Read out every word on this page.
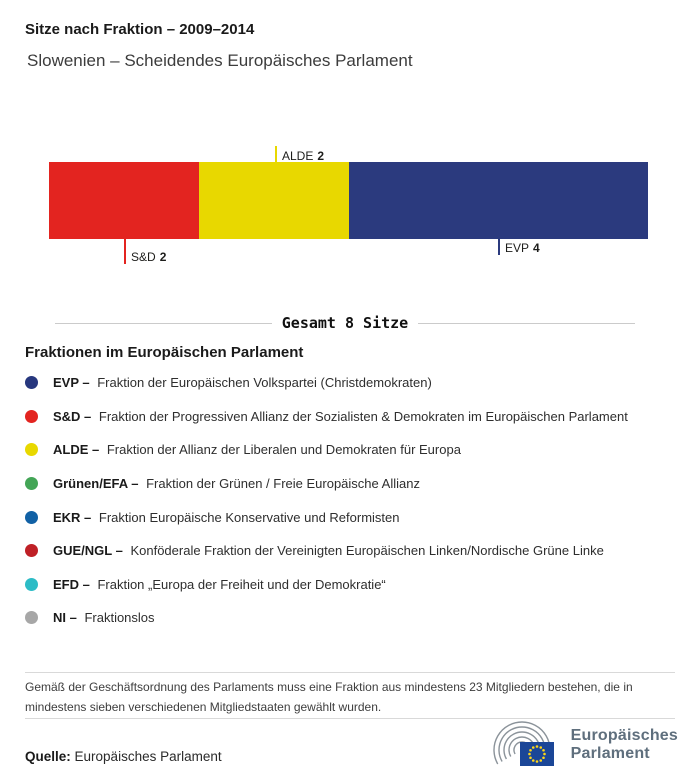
Sitze nach Fraktion – 2009–2014
Slowenien – Scheidendes Europäisches Parlament
ALDE 2
S&D 2
EVP 4
Gesamt 8 Sitze
Fraktionen im Europäischen Parlament
EVP – Fraktion der Europäischen Volkspartei (Christdemokraten)
S&D – Fraktion der Progressiven Allianz der Sozialisten & Demokraten im Europäischen Parlament
ALDE – Fraktion der Allianz der Liberalen und Demokraten für Europa
Grünen/EFA – Fraktion der Grünen / Freie Europäische Allianz
EKR – Fraktion Europäische Konservative und Reformisten
GUE/NGL – Konföderale Fraktion der Vereinigten Europäischen Linken/Nordische Grüne Linke
EFD – Fraktion „Europa der Freiheit und der Demokratie“
NI – Fraktionslos
Gemäß der Geschäftsordnung des Parlaments muss eine Fraktion aus mindestens 23 Mitgliedern bestehen, die in mindestens sieben verschiedenen Mitgliedstaaten gewählt wurden.
Quelle: Europäisches Parlament
Europäisches
Parlament
